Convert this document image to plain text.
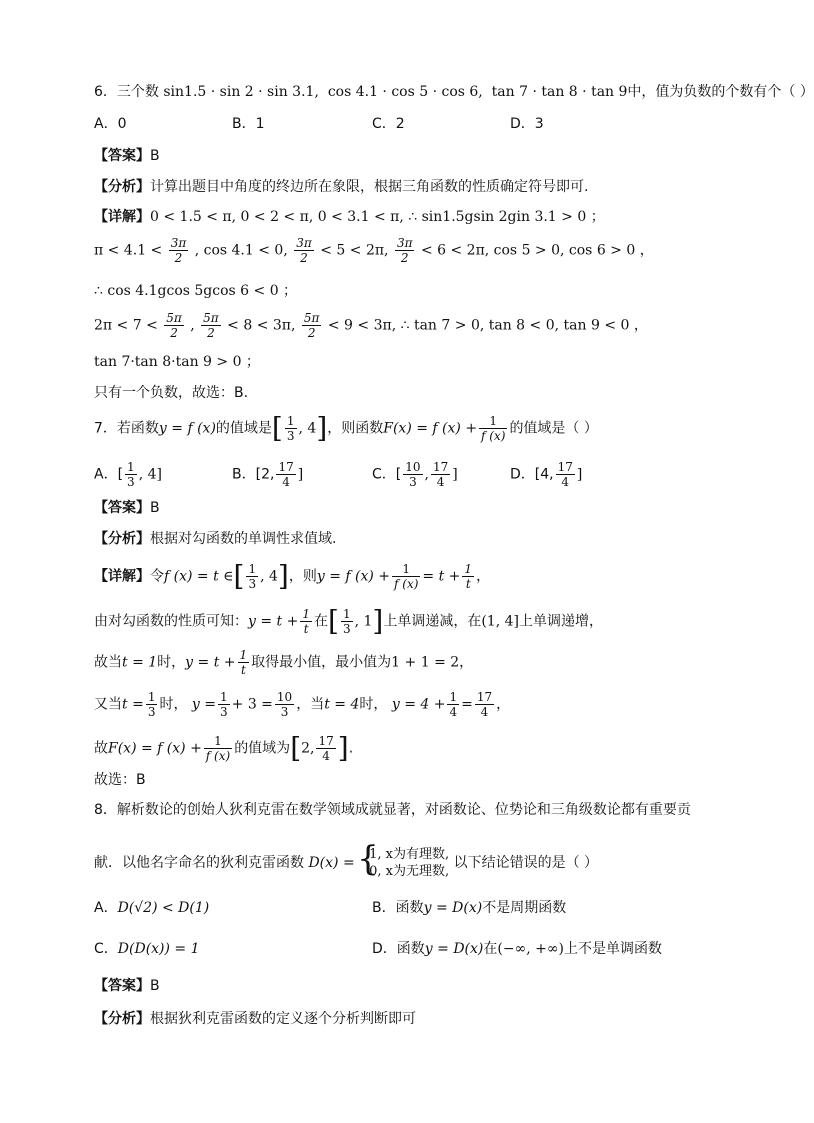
6．三个数 sin1.5 · sin 2 · sin 3.1, cos 4.1 · cos 5 · cos 6, tan 7 · tan 8 · tan 9中，值为负数的个数有个（ ）
A．0	B．1	C．2	D．3
【答案】B
【分析】计算出题目中角度的终边所在象限，根据三角函数的性质确定符号即可.
【详解】0 < 1.5 < π, 0 < 2 < π, 0 < 3.1 < π, ∴ sin1.5gsin 2gin 3.1 > 0 ；
$\pi < 4.1 < \frac{3\pi}{2}$ , cos 4.1 < 0, $\frac{3\pi}{2} < 5 < 2\pi$, $\frac{3\pi}{2} < 6 < 2\pi$, cos 5 > 0, cos 6 > 0 ，
∴ cos 4.1gcos 5gcos 6 < 0 ；
$2\pi < 7 < \frac{5\pi}{2}$ , $\frac{5\pi}{2} < 8 < 3\pi$, $\frac{5\pi}{2} < 9 < 3\pi$, ∴ tan 7 > 0, tan 8 < 0, tan 9 < 0 ，
tan 7·tan 8·tan 9 > 0 ；
只有一个负数，故选：B.
7．若函数y = f (x)的值域是[ $\frac{1}{3}$ , 4]，则函数F(x) = f $(x) + \frac{1}{f (x)}$ 的值域是（ ）
A．[ $\frac{1}{3}$ , 4]	B．[2, $\frac{17}{4}$ ]	C．[ $\frac{10}{3}$ , $\frac{17}{4}$ ]	D．[4, $\frac{17}{4}$ ]
【答案】B
【分析】根据对勾函数的单调性求值域.
【详解】令f (x) = t ∈[ $\frac{1}{3}$ , 4]，则y = f $(x) + \frac{1}{f (x)} = t + \frac{1}{t}$ ，
由对勾函数的性质可知：$y = t + \frac{1}{t}$ 在[ $\frac{1}{3}$ , 1]上单调递减，在(1, 4]上单调递增，
故当t = 1时，$y = t + \frac{1}{t}$ 取得最小值，最小值为1 + 1 = 2，
又当$t = \frac{1}{3}$ 时， $y = \frac{1}{3} + 3 = \frac{10}{3}$ ，当t = 4时， $y = 4 + \frac{1}{4} = \frac{17}{4}$ ，
故F(x) = f $(x) + \frac{1}{f (x)}$ 的值域为[2, $\frac{17}{4}$ ].
故选：B
8．解析数论的创始人狄利克雷在数学领域成就显著，对函数论、位势论和三角级数论都有重要贡
献．以他名字命名的狄利克雷函数 D(x) =
{ 1, x为有理数,
0, x为无理数,
以下结论错误的是（ ）
A．D(√2) < D(1)	B．函数y = D(x)不是周期函数
C．D(D(x)) = 1	D．函数y = D(x)在(−∞, +∞)上不是单调函数
【答案】B
【分析】根据狄利克雷函数的定义逐个分析判断即可
